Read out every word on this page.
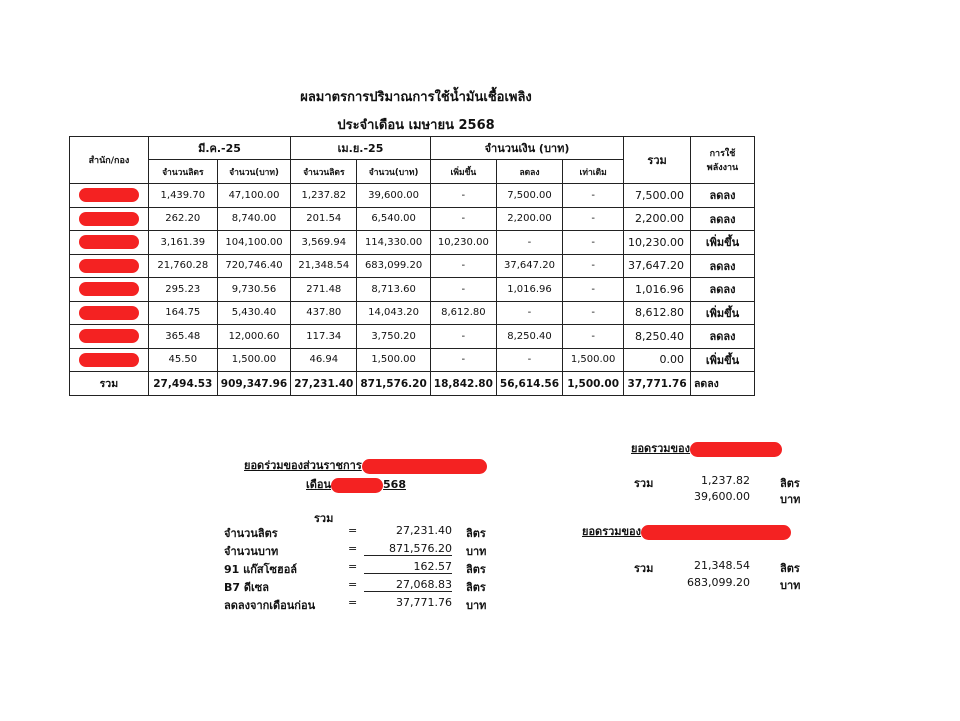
ผลมาตรการปริมาณการใช้น้ำมันเชื้อเพลิง
ประจำเดือน เมษายน 2568
สำนัก/กอง	มี.ค.-25		เม.ย.-25		จำนวนเงิน (บาท)			รวม	การใช้พลังงาน
	จำนวนลิตร	จำนวน(บาท)	จำนวนลิตร	จำนวน(บาท)	เพิ่มขึ้น	ลดลง	เท่าเดิม		
	1,439.70	47,100.00	1,237.82	39,600.00	-	7,500.00	-	7,500.00	ลดลง
	262.20	8,740.00	201.54	6,540.00	-	2,200.00	-	2,200.00	ลดลง
	3,161.39	104,100.00	3,569.94	114,330.00	10,230.00	-	-	10,230.00	เพิ่มขึ้น
	21,760.28	720,746.40	21,348.54	683,099.20	-	37,647.20	-	37,647.20	ลดลง
	295.23	9,730.56	271.48	8,713.60	-	1,016.96	-	1,016.96	ลดลง
	164.75	5,430.40	437.80	14,043.20	8,612.80	-	-	8,612.80	เพิ่มขึ้น
	365.48	12,000.60	117.34	3,750.20	-	8,250.40	-	8,250.40	ลดลง
	45.50	1,500.00	46.94	1,500.00	-	-	1,500.00	0.00	เพิ่มขึ้น
รวม	27,494.53	909,347.96	27,231.40	871,576.20	18,842.80	56,614.56	1,500.00	37,771.76	ลดลง
ยอดร่วมของส่วนราชการ
เดือน	568
รวม
จำนวนลิตร	=	27,231.40 ลิตร
จำนวนบาท	=	871,576.20 บาท
91 แก๊สโซฮอล์	=	162.57 ลิตร
B7 ดีเซล	=	27,068.83 ลิตร
ลดลงจากเดือนก่อน	=	37,771.76 บาท
ยอดรวมของ
รวม	1,237.82	ลิตร
39,600.00	บาท
ยอดรวมของ
รวม	21,348.54	ลิตร
683,099.20	บาท
